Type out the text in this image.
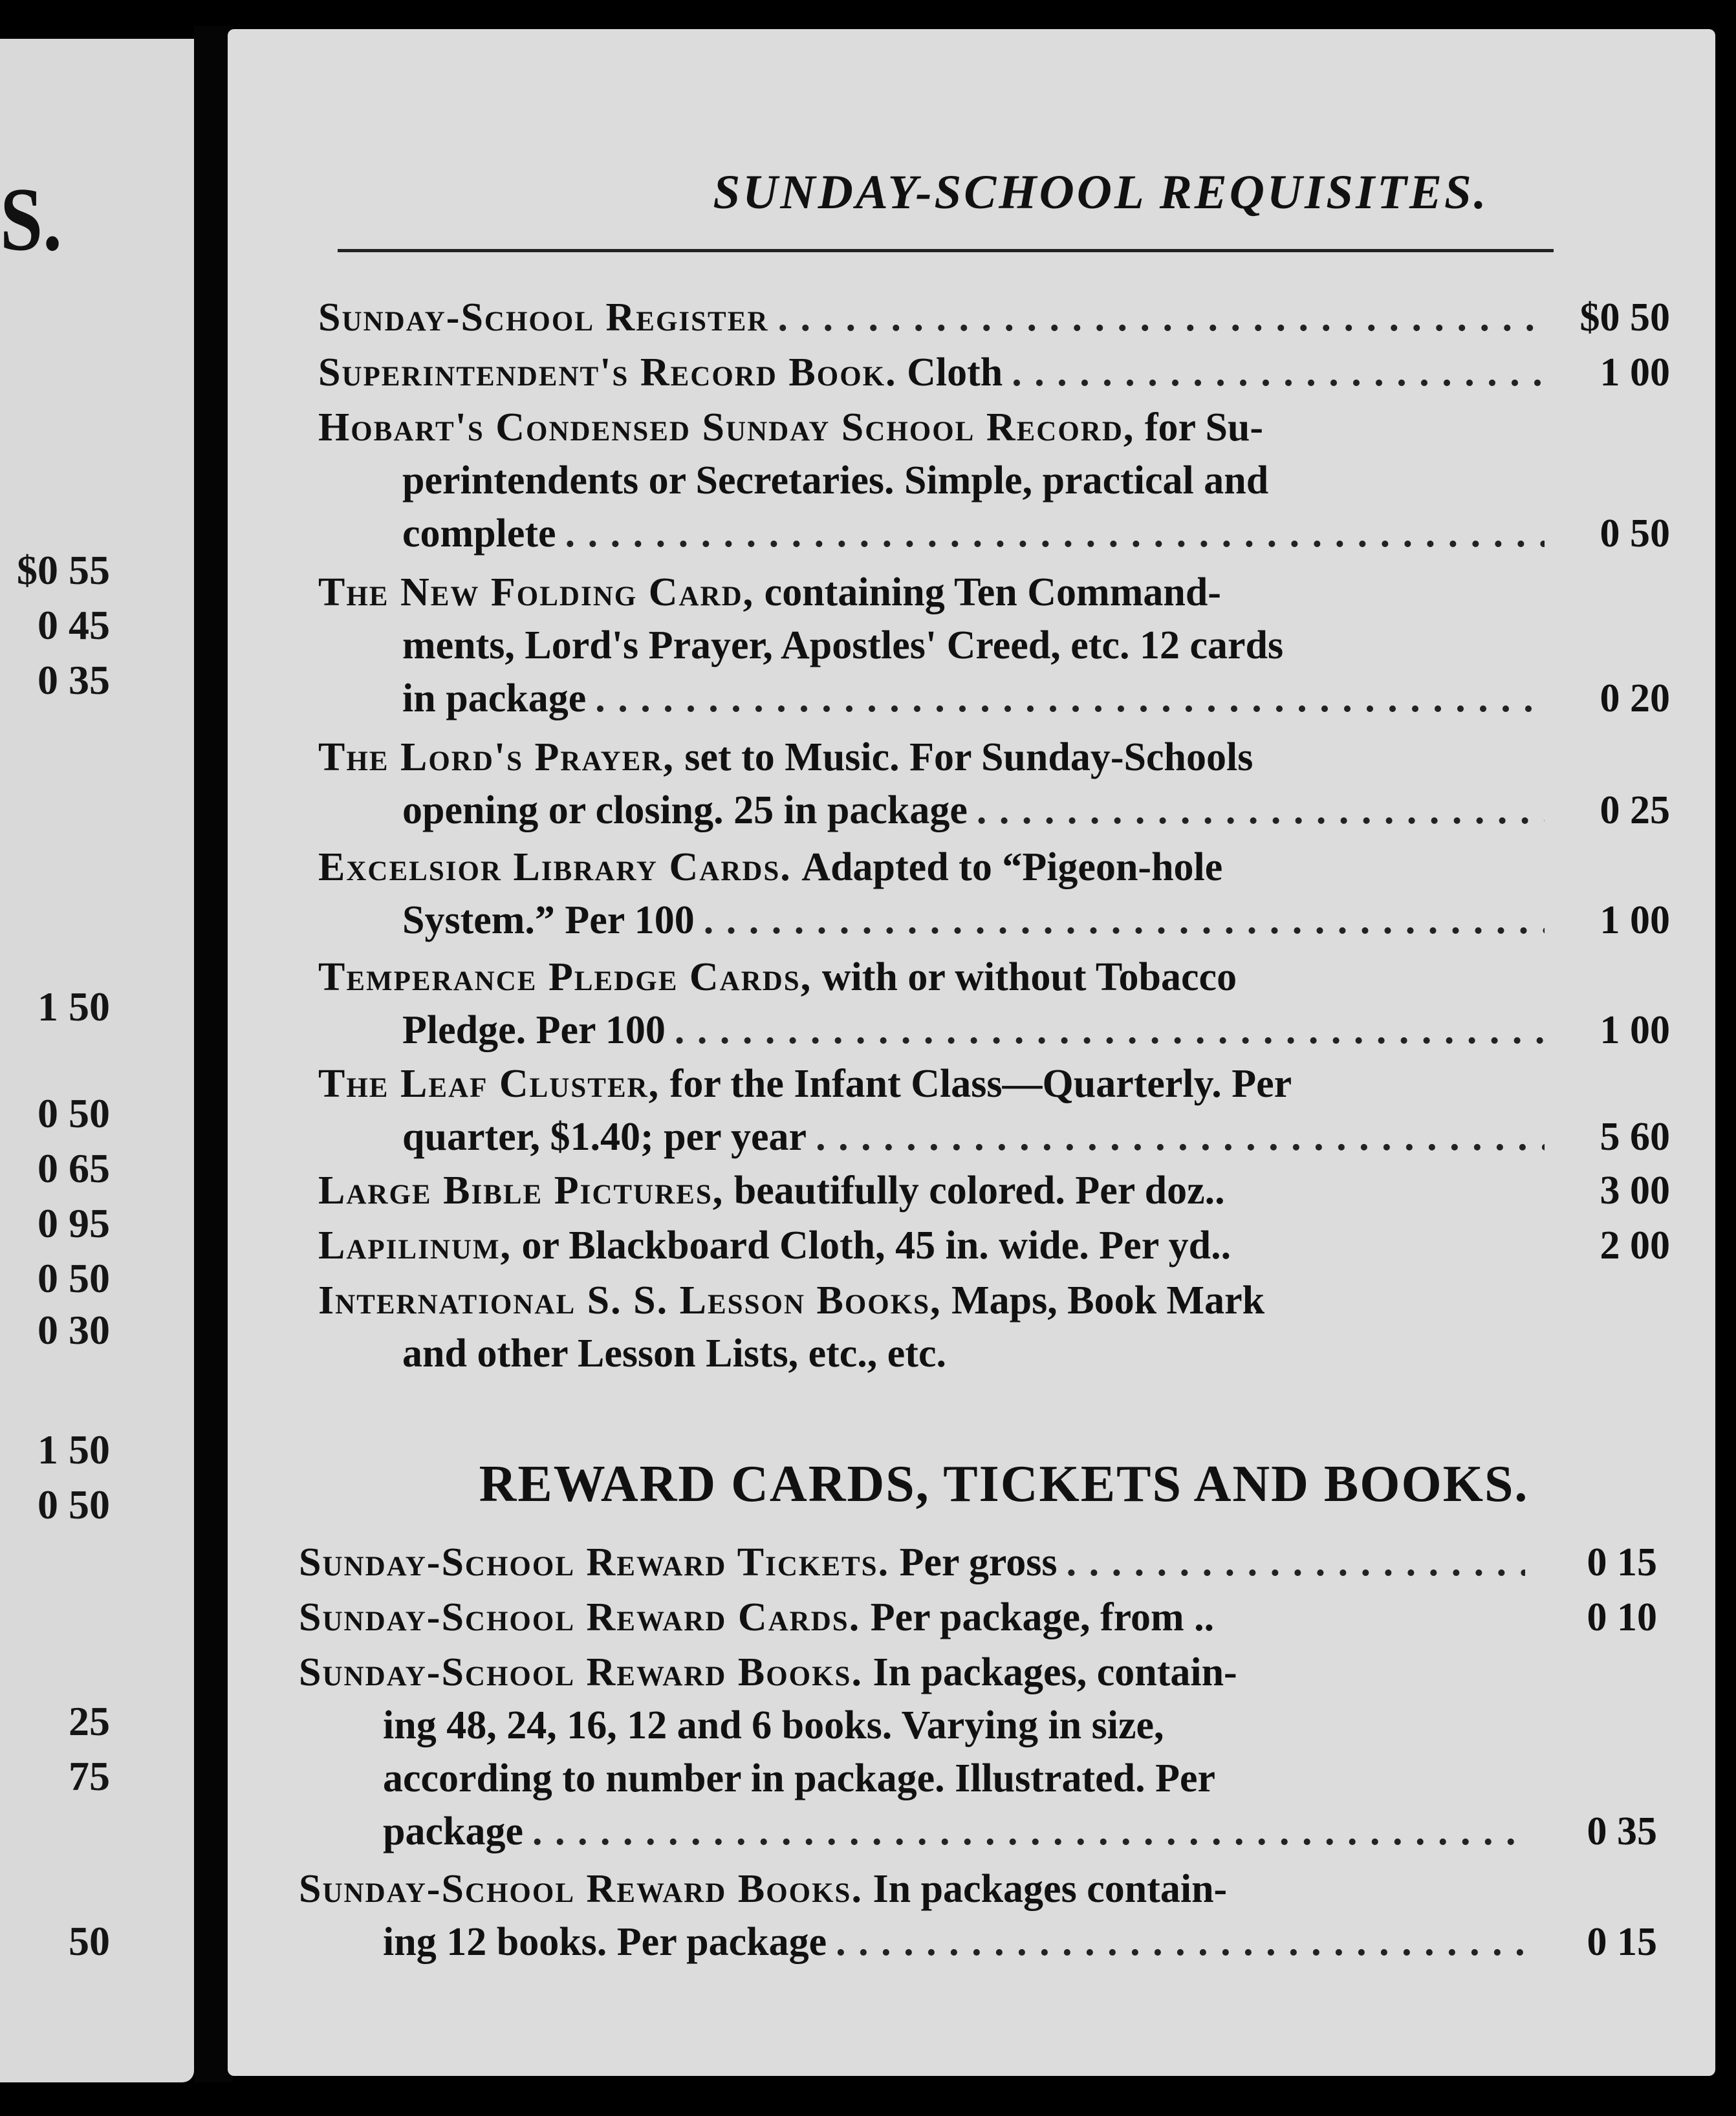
S.
$0 55
0 45
0 35
1 50
0 50
0 65
0 95
0 50
0 30
1 50
0 50
25
75
50
SUNDAY-SCHOOL REQUISITES.
Sunday-School Register . . .	$0 50
Superintendent's Record Book.
Cloth . . .	1 00
Hobart's Condensed Sunday School Record,
for Su-
perintendents or Secretaries. Simple, practical and
complete . . .	0 50
The New Folding Card,
containing Ten Command-
ments, Lord's Prayer, Apostles' Creed, etc. 12 cards
in package . . .	0 20
The Lord's Prayer,
set to Music. For Sunday-Schools
opening or closing. 25 in package . . .	0 25
Excelsior Library Cards.
Adapted to “Pigeon-hole
System.” Per 100 . . .	1 00
Temperance Pledge Cards,
with or without Tobacco
Pledge. Per 100 . . .	1 00
The Leaf Cluster,
for the Infant Class—Quarterly. Per
quarter, $1.40; per year . . .	5 60
Large Bible Pictures,
beautifully colored. Per doz..	3 00
Lapilinum,
or Blackboard Cloth, 45 in. wide. Per yd..	2 00
International S. S. Lesson Books,
Maps, Book Mark
and other Lesson Lists, etc., etc.
REWARD CARDS, TICKETS AND BOOKS.
Sunday-School Reward Tickets.
Per gross . . .	0 15
Sunday-School Reward Cards.
Per package, from ..	0 10
Sunday-School Reward Books.
In packages, contain-
ing 48, 24, 16, 12 and 6 books. Varying in size,
according to number in package. Illustrated. Per
package . . .	0 35
Sunday-School Reward Books.
In packages contain-
ing 12 books. Per package . . .	0 15
